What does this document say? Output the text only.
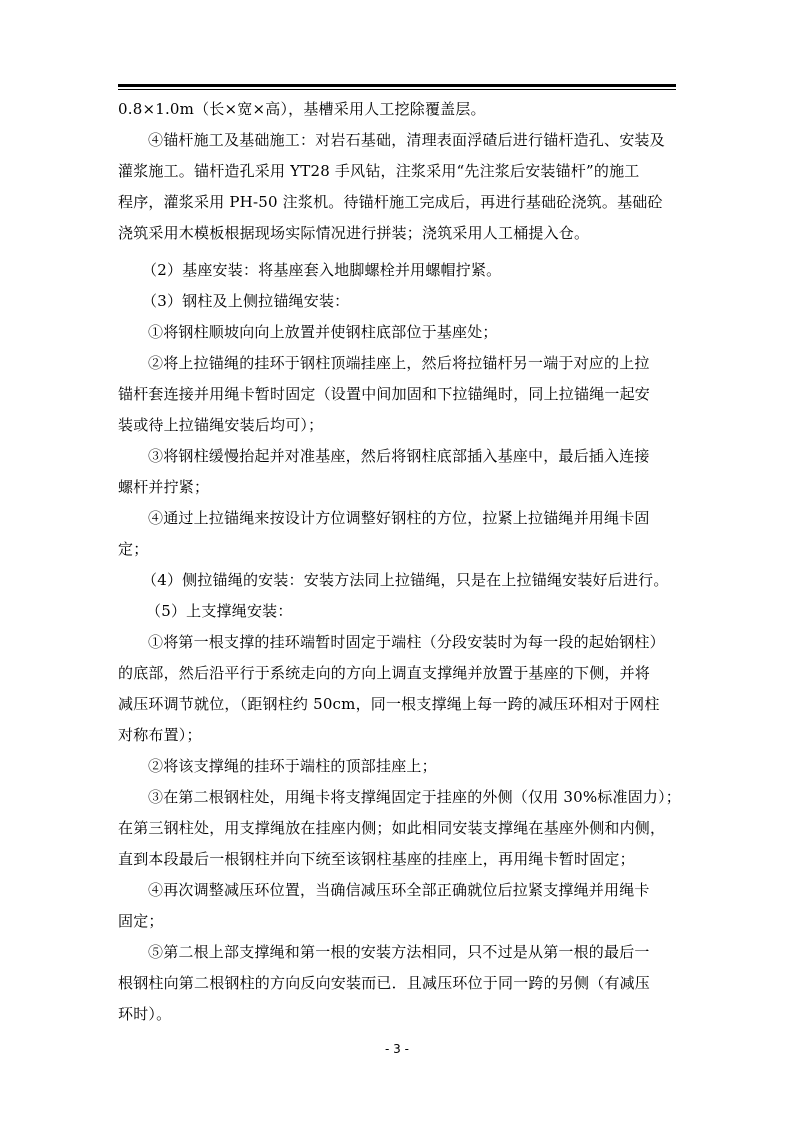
0.8×1.0m（长×宽×高），基槽采用人工挖除覆盖层。

④锚杆施工及基础施工：对岩石基础，清理表面浮碴后进行锚杆造孔、安装及

灌浆施工。锚杆造孔采用 YT28 手风钻，注浆采用“先注浆后安装锚杆”的施工

程序，灌浆采用 PH-50 注浆机。待锚杆施工完成后，再进行基础砼浇筑。基础砼

浇筑采用木模板根据现场实际情况进行拼装；浇筑采用人工桶提入仓。

（2）基座安装：将基座套入地脚螺栓并用螺帽拧紧。

（3）钢柱及上侧拉锚绳安装：

①将钢柱顺坡向向上放置并使钢柱底部位于基座处；

②将上拉锚绳的挂环于钢柱顶端挂座上，然后将拉锚杆另一端于对应的上拉

锚杆套连接并用绳卡暂时固定（设置中间加固和下拉锚绳时，同上拉锚绳一起安

装或待上拉锚绳安装后均可）；

③将钢柱缓慢抬起并对准基座，然后将钢柱底部插入基座中，最后插入连接

螺杆并拧紧；

④通过上拉锚绳来按设计方位调整好钢柱的方位，拉紧上拉锚绳并用绳卡固

定；

（4）侧拉锚绳的安装：安装方法同上拉锚绳，只是在上拉锚绳安装好后进行。

（5）上支撑绳安装：

①将第一根支撑的挂环端暂时固定于端柱（分段安装时为每一段的起始钢柱）

的底部，然后沿平行于系统走向的方向上调直支撑绳并放置于基座的下侧，并将

减压环调节就位，（距钢柱约 50cm，同一根支撑绳上每一跨的减压环相对于网柱

对称布置）；

②将该支撑绳的挂环于端柱的顶部挂座上；

③在第二根钢柱处，用绳卡将支撑绳固定于挂座的外侧（仅用 30%标准固力）；

在第三钢柱处，用支撑绳放在挂座内侧；如此相同安装支撑绳在基座外侧和内侧，

直到本段最后一根钢柱并向下统至该钢柱基座的挂座上，再用绳卡暂时固定；

④再次调整减压环位置，当确信减压环全部正确就位后拉紧支撑绳并用绳卡

固定；

⑤第二根上部支撑绳和第一根的安装方法相同，只不过是从第一根的最后一

根钢柱向第二根钢柱的方向反向安装而已．且减压环位于同一跨的另侧（有减压

环时）。

- 3 -
